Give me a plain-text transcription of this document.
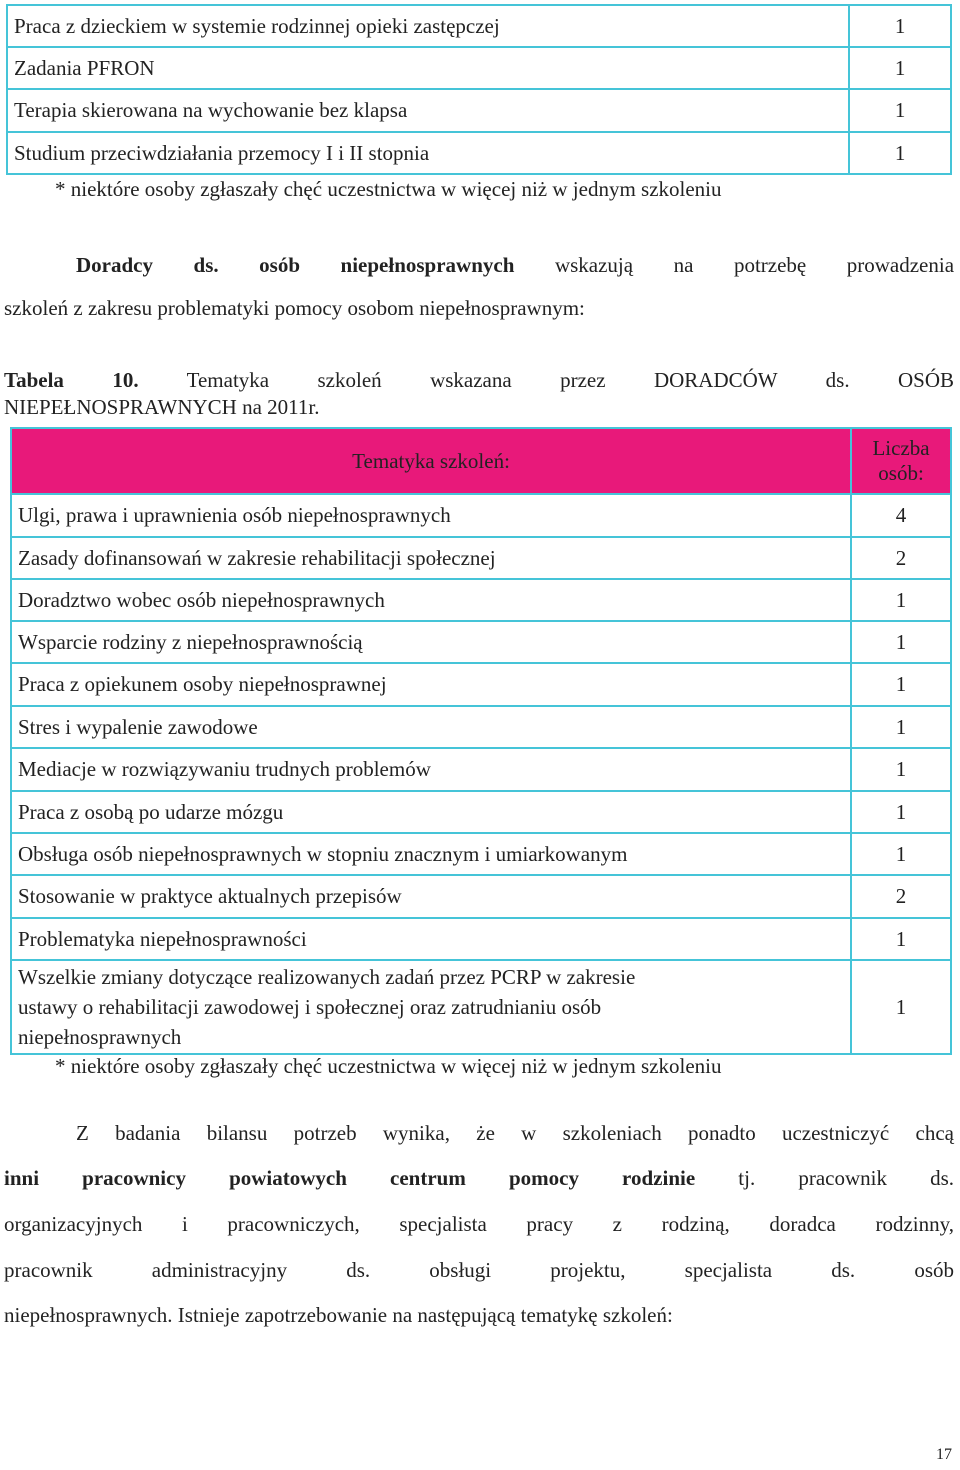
Praca z dzieckiem w systemie rodzinnej opieki zastępczej	1
Zadania PFRON	1
Terapia skierowana na wychowanie bez klapsa	1
Studium przeciwdziałania przemocy I i II stopnia	1
* niektóre osoby zgłaszały chęć uczestnictwa w więcej niż w jednym szkoleniu
Doradcy ds. osób niepełnosprawnych wskazują na potrzebę prowadzenia
szkoleń z zakresu problematyki pomocy osobom niepełnosprawnym:
Tabela 10. Tematyka szkoleń wskazana przez DORADCÓW ds. OSÓB
NIEPEŁNOSPRAWNYCH na 2011r.
Tematyka szkoleń:	Liczba
osób:

Ulgi, prawa i uprawnienia osób niepełnosprawnych	4
Zasady dofinansowań w zakresie rehabilitacji społecznej	2
Doradztwo wobec osób niepełnosprawnych	1
Wsparcie rodziny z niepełnosprawnością	1
Praca z opiekunem osoby niepełnosprawnej	1
Stres i wypalenie zawodowe	1
Mediacje w rozwiązywaniu trudnych problemów	1
Praca z osobą po udarze mózgu	1
Obsługa osób niepełnosprawnych w stopniu znacznym i umiarkowanym	1
Stosowanie w praktyce aktualnych przepisów	2
Problematyka niepełnosprawności	1

Wszelkie zmiany dotyczące realizowanych zadań przez PCRP w zakresie
ustawy o rehabilitacji zawodowej i społecznej oraz zatrudnianiu osób
niepełnosprawnych	1
* niektóre osoby zgłaszały chęć uczestnictwa w więcej niż w jednym szkoleniu
Z badania bilansu potrzeb wynika, że w szkoleniach ponadto uczestniczyć chcą
inni pracownicy powiatowych centrum pomocy rodzinie tj. pracownik ds.
organizacyjnych i pracowniczych, specjalista pracy z rodziną, doradca rodzinny,
pracownik administracyjny ds. obsługi projektu, specjalista ds. osób
niepełnosprawnych. Istnieje zapotrzebowanie na następującą tematykę szkoleń:
17
